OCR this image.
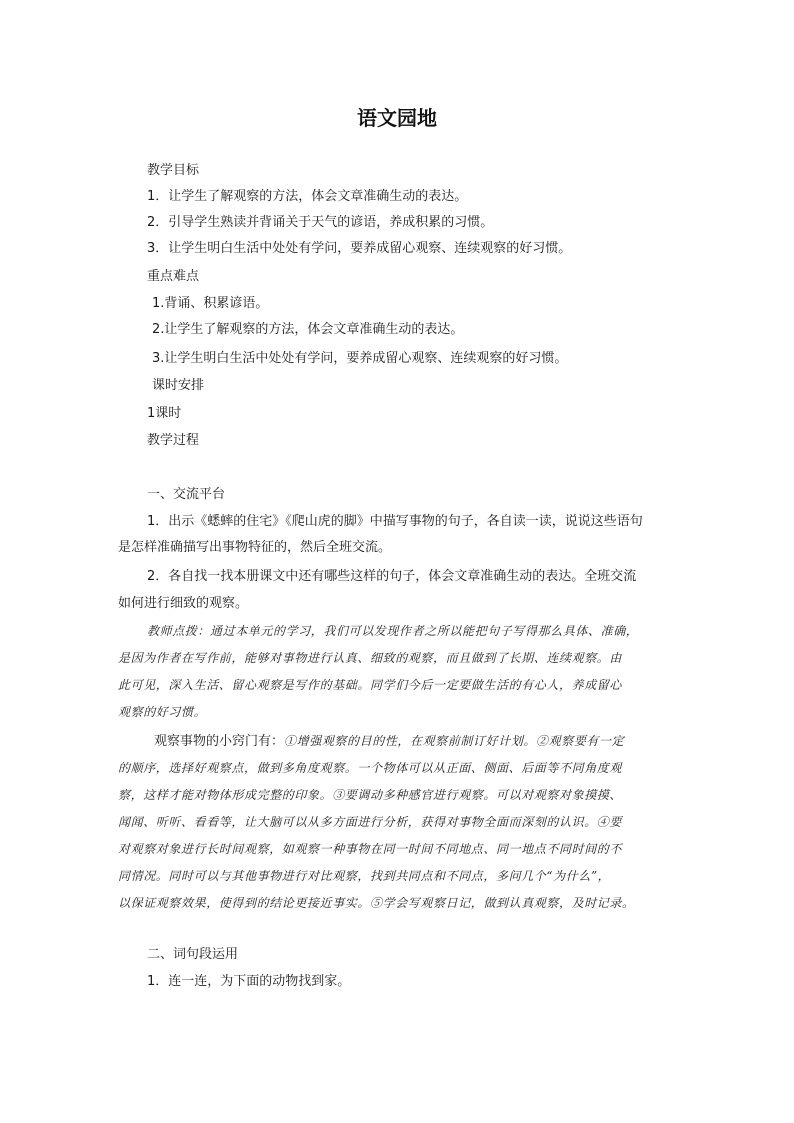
语文园地
教学目标
1．让学生了解观察的方法，体会文章准确生动的表达。
2．引导学生熟读并背诵关于天气的谚语，养成积累的习惯。
3．让学生明白生活中处处有学问，要养成留心观察、连续观察的好习惯。
重点难点
1.背诵、积累谚语。
2.让学生了解观察的方法，体会文章准确生动的表达。
3.让学生明白生活中处处有学问，要养成留心观察、连续观察的好习惯。
课时安排
1课时
教学过程
一、交流平台
1．出示《蟋蟀的住宅》《爬山虎的脚》中描写事物的句子，各自读一读，说说这些语句
是怎样准确描写出事物特征的，然后全班交流。
2．各自找一找本册课文中还有哪些这样的句子，体会文章准确生动的表达。全班交流
如何进行细致的观察。
教师点拨：通过本单元的学习，我们可以发现作者之所以能把句子写得那么具体、准确，
是因为作者在写作前，能够对事物进行认真、细致的观察，而且做到了长期、连续观察。由
此可见，深入生活、留心观察是写作的基础。同学们今后一定要做生活的有心人，养成留心
观察的好习惯。
观察事物的小窍门有：①增强观察的目的性，在观察前制订好计划。②观察要有一定
的顺序，选择好观察点，做到多角度观察。一个物体可以从正面、侧面、后面等不同角度观
察，这样才能对物体形成完整的印象。③要调动多种感官进行观察。可以对观察对象摸摸、
闻闻、听听、看看等，让大脑可以从多方面进行分析，获得对事物全面而深刻的认识。④要
对观察对象进行长时间观察，如观察一种事物在同一时间不同地点、同一地点不同时间的不
同情况。同时可以与其他事物进行对比观察，找到共同点和不同点，多问几个“为什么”，
以保证观察效果，使得到的结论更接近事实。⑤学会写观察日记，做到认真观察，及时记录。
二、词句段运用
1．连一连，为下面的动物找到家。
